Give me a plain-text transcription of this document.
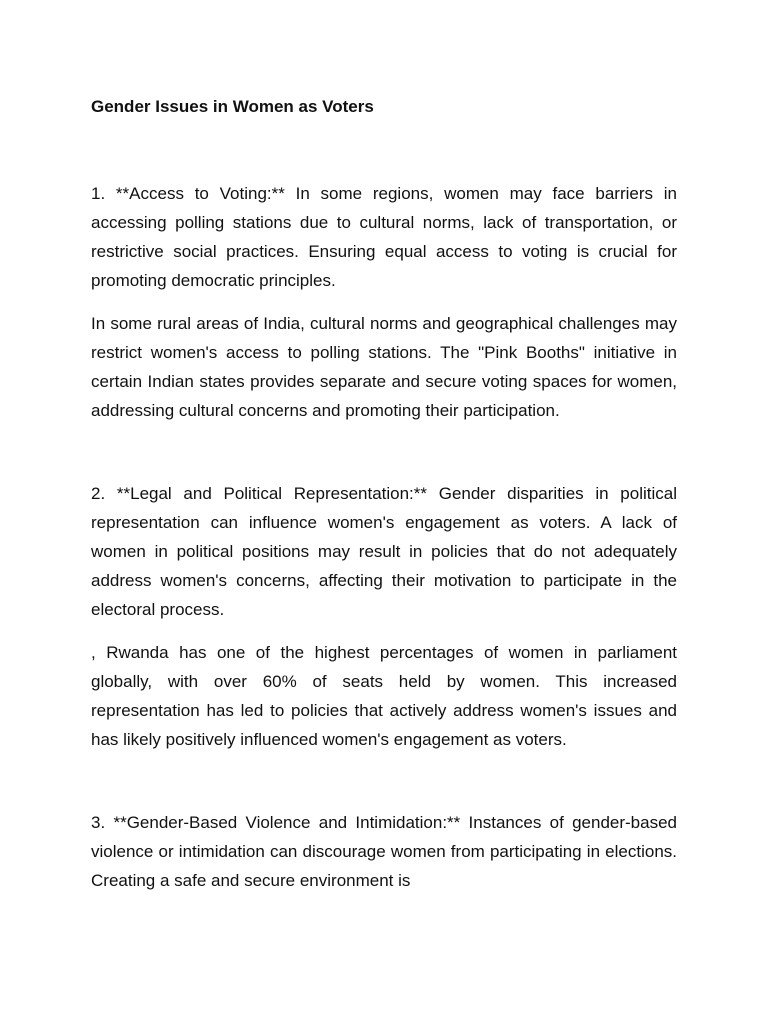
Gender Issues in Women as Voters

1. **Access to Voting:** In some regions, women may face barriers in accessing polling stations due to cultural norms, lack of transportation, or restrictive social practices. Ensuring equal access to voting is crucial for promoting democratic principles.

In some rural areas of India, cultural norms and geographical challenges may restrict women's access to polling stations. The "Pink Booths" initiative in certain Indian states provides separate and secure voting spaces for women, addressing cultural concerns and promoting their participation.

2. **Legal and Political Representation:** Gender disparities in political representation can influence women's engagement as voters. A lack of women in political positions may result in policies that do not adequately address women's concerns, affecting their motivation to participate in the electoral process.

, Rwanda has one of the highest percentages of women in parliament globally, with over 60% of seats held by women. This increased representation has led to policies that actively address women's issues and has likely positively influenced women's engagement as voters.

3. **Gender-Based Violence and Intimidation:** Instances of gender-based violence or intimidation can discourage women from participating in elections. Creating a safe and secure environment is
